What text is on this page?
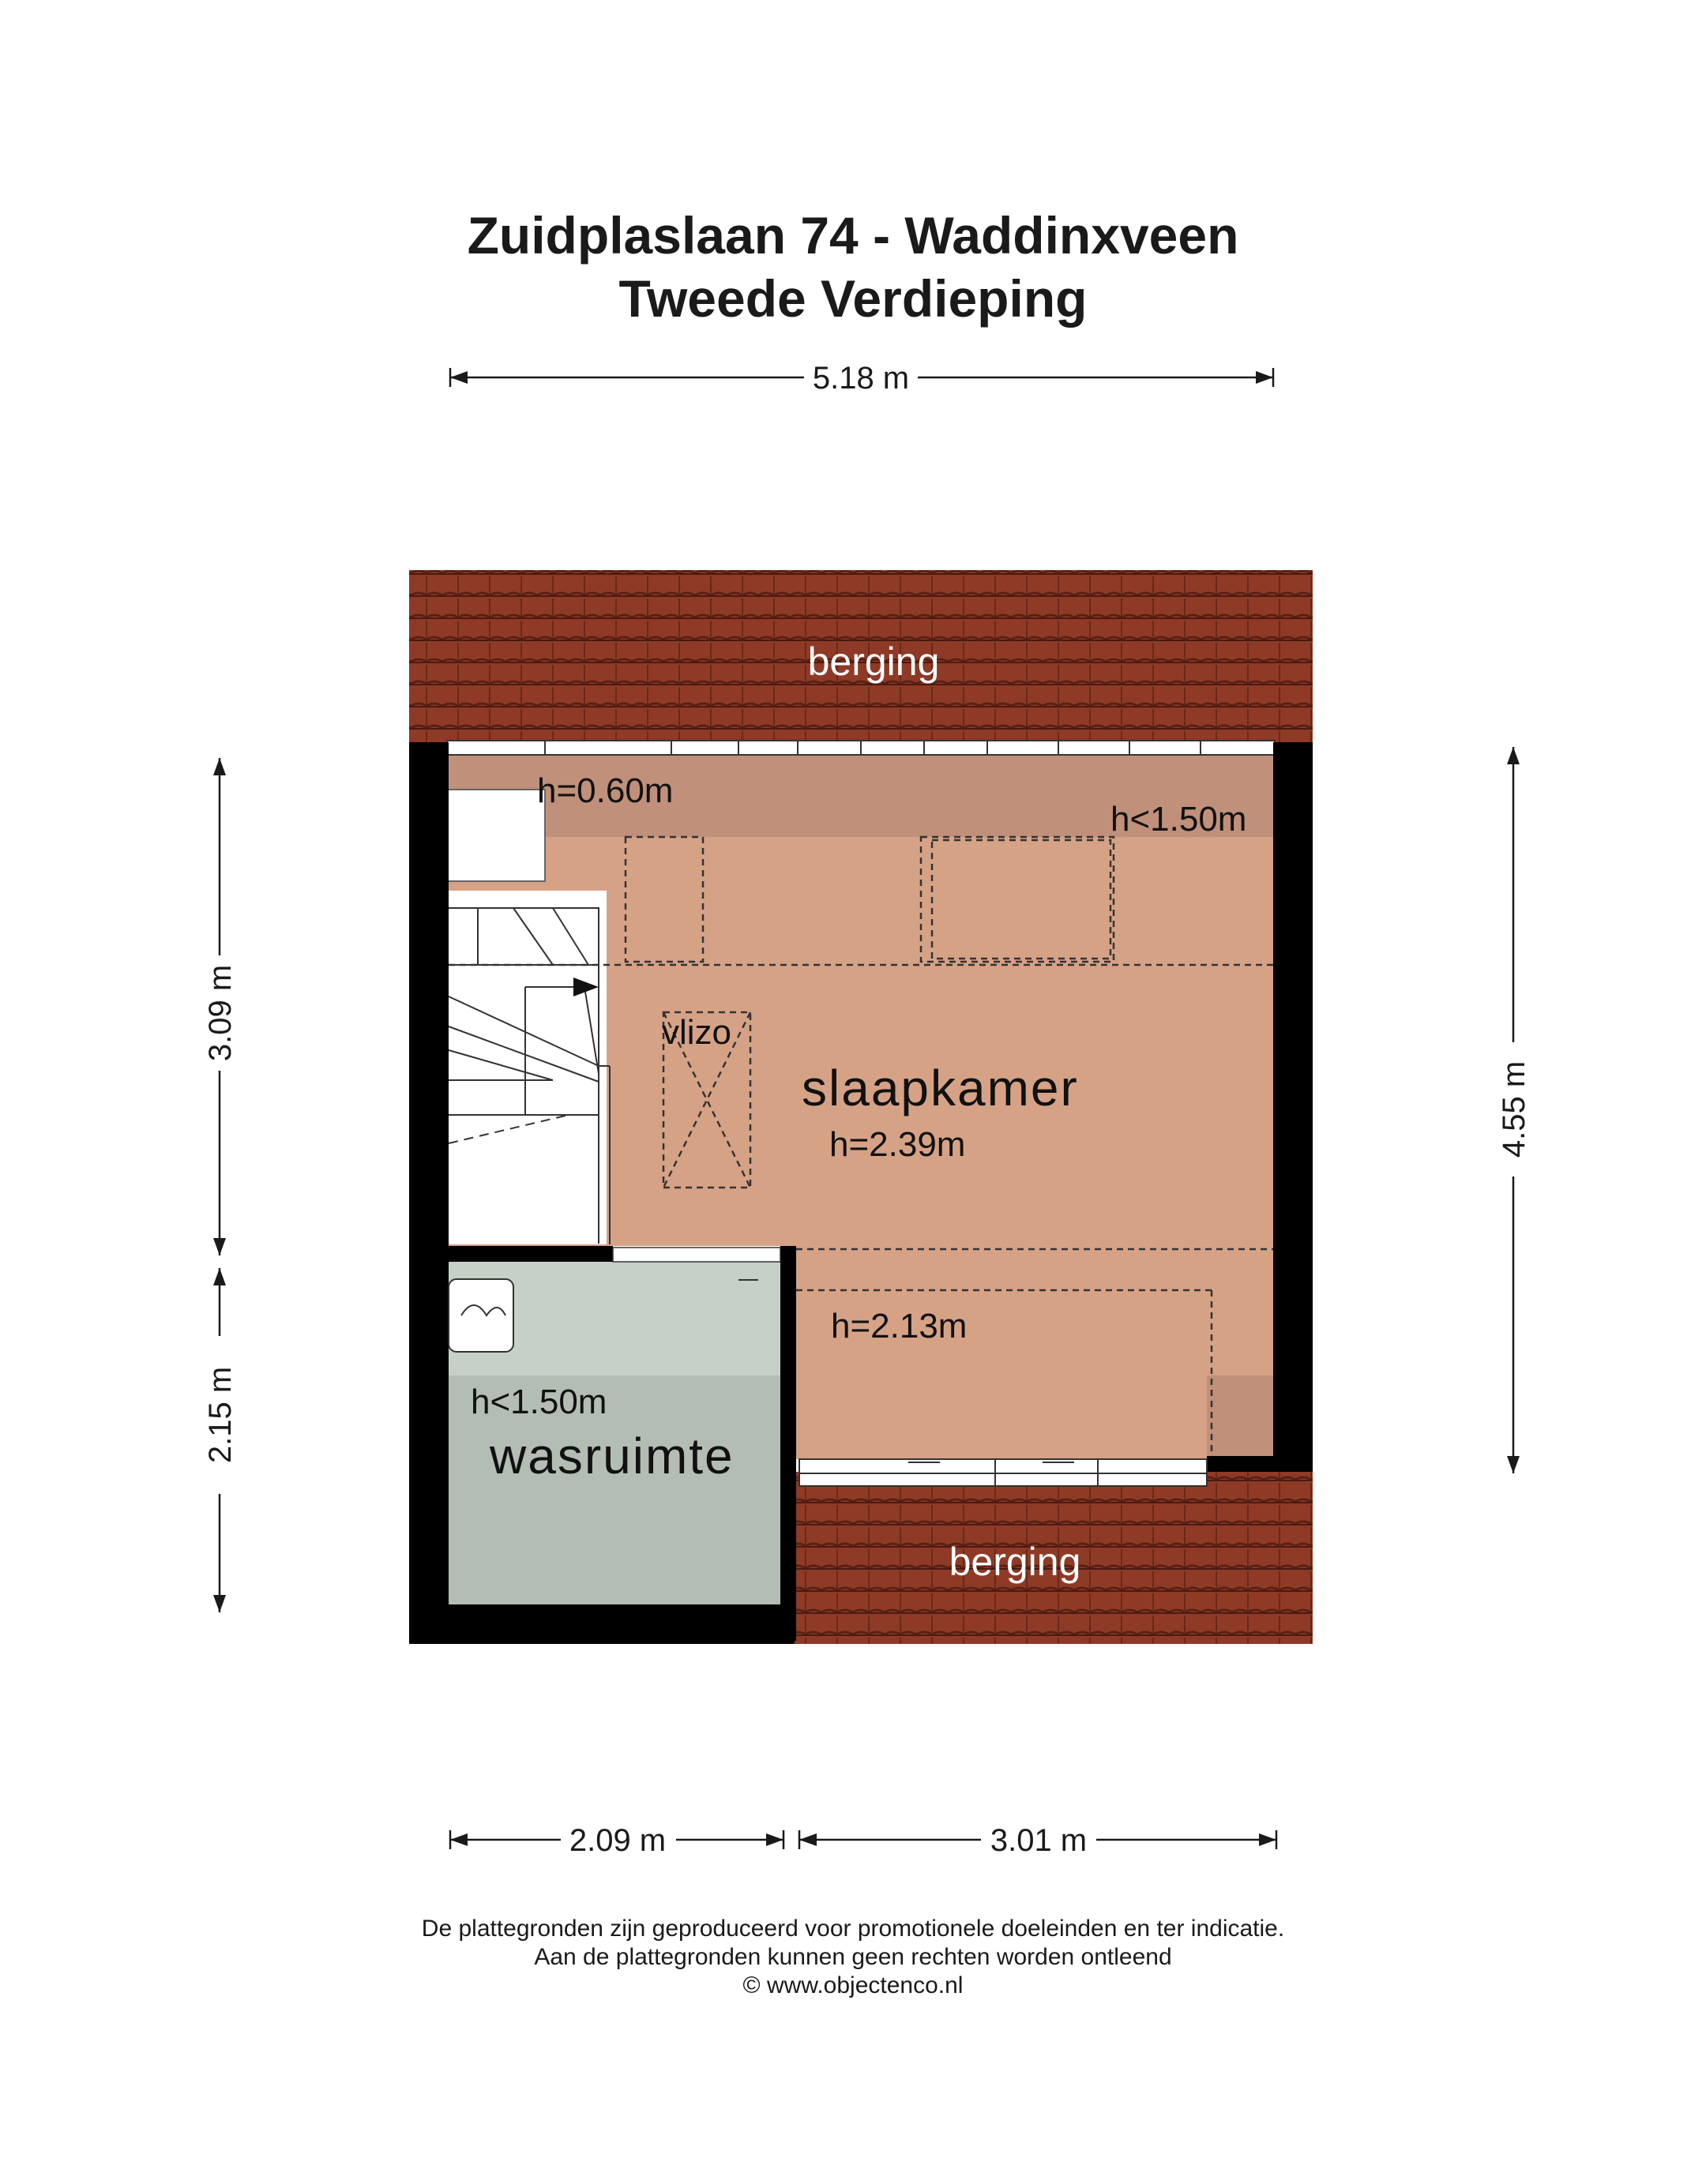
Zuidplaslaan 74 - Waddinxveen
Tweede Verdieping
5.18 m
berging
berging
h=0.60m
h<1.50m
vlizo
slaapkamer
h=2.39m
h=2.13m
h<1.50m
wasruimte
3.09 m
2.15 m
4.55 m
2.09 m	3.01 m
De plattegronden zijn geproduceerd voor promotionele doeleinden en ter indicatie.
Aan de plattegronden kunnen geen rechten worden ontleend
© www.objectenco.nl
